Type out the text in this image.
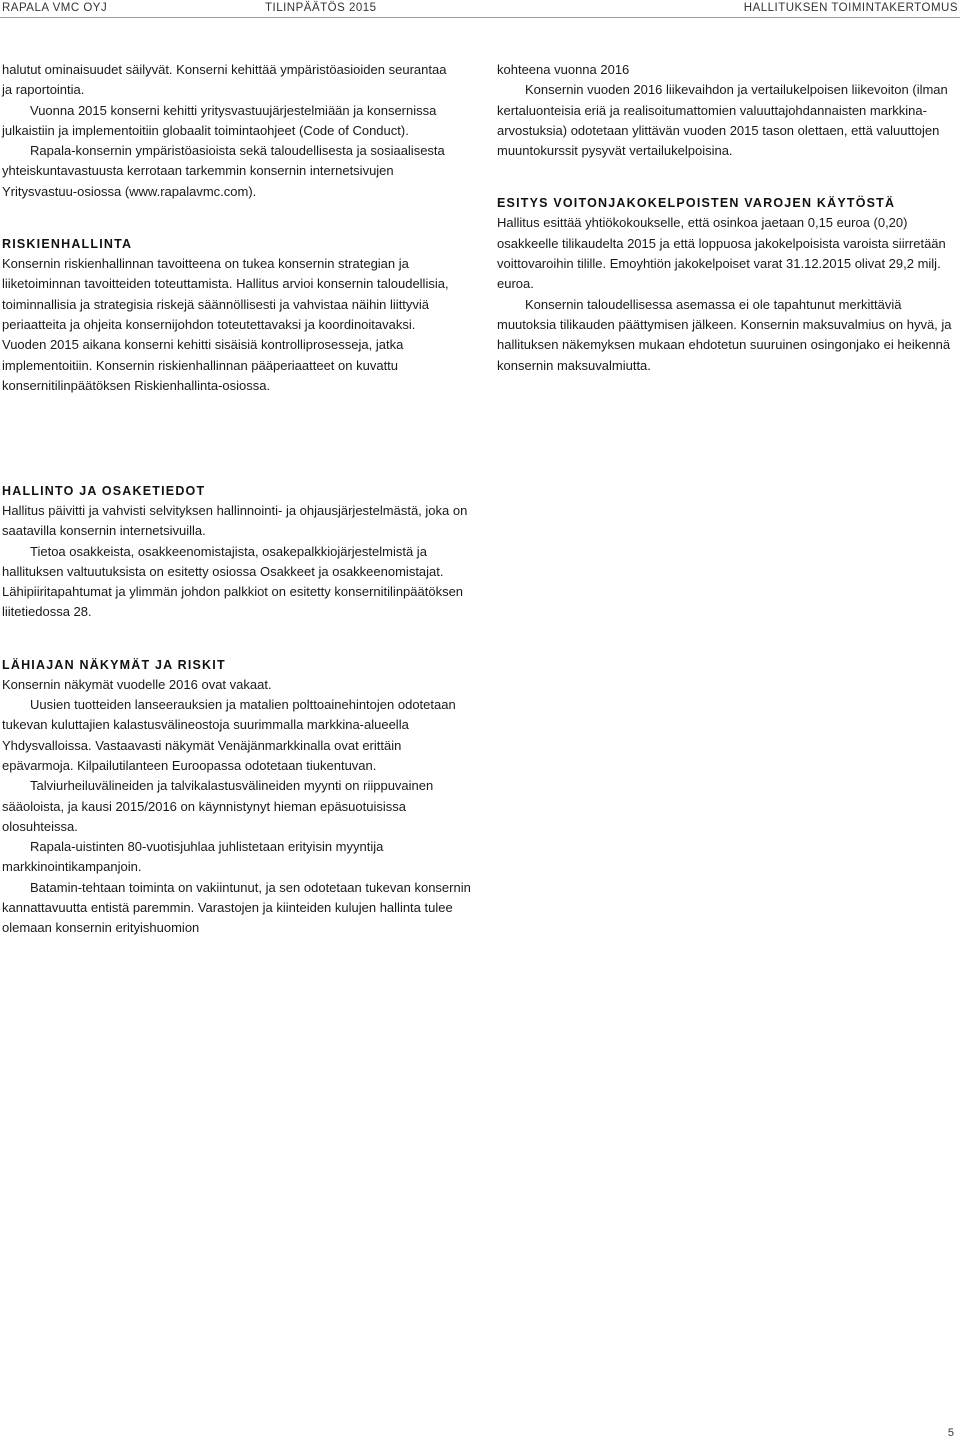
RAPALA VMC OYJ	TILINPÄÄTÖS 2015	HALLITUKSEN TOIMINTAKERTOMUS

halutut ominaisuudet säilyvät. Konserni kehittää ympäristöasioiden seurantaa ja raportointia.

Vuonna 2015 konserni kehitti yritysvastuujärjestelmiään ja konsernissa julkaistiin ja implementoitiin globaalit toimintaohjeet (Code of Conduct).

Rapala-konsernin ympäristöasioista sekä taloudellisesta ja sosiaalisesta yhteiskuntavastuusta kerrotaan tarkemmin konsernin internetsivujen Yritysvastuu-osiossa (www.rapalavmc.com).

RISKIENHALLINTA

Konsernin riskienhallinnan tavoitteena on tukea konsernin strategian ja liiketoiminnan tavoitteiden toteuttamista. Hallitus arvioi konsernin taloudellisia, toiminnallisia ja strategisia riskejä säännöllisesti ja vahvistaa näihin liittyviä periaatteita ja ohjeita konsernijohdon toteutettavaksi ja koordinoitavaksi. Vuoden 2015 aikana konserni kehitti sisäisiä kontrolliprosesseja, jatka implementoitiin. Konsernin riskienhallinnan pääperiaatteet on kuvattu konsernitilinpäätöksen Riskienhallinta-osiossa.

kohteena vuonna 2016

Konsernin vuoden 2016 liikevaihdon ja vertailukelpoisen liikevoiton (ilman kertaluonteisia eriä ja realisoitumattomien valuuttajohdannaisten markkina-arvostuksia) odotetaan ylittävän vuoden 2015 tason olettaen, että valuuttojen muuntokurssit pysyvät vertailukelpoisina.

ESITYS VOITONJAKOKELPOISTEN VAROJEN KÄYTÖSTÄ

Hallitus esittää yhtiökokoukselle, että osinkoa jaetaan 0,15 euroa (0,20) osakkeelle tilikaudelta 2015 ja että loppuosa jakokelpoisista varoista siirretään voittovaroihin tilille. Emoyhtiön jakokelpoiset varat 31.12.2015 olivat 29,2 milj. euroa.

Konsernin taloudellisessa asemassa ei ole tapahtunut merkittäviä muutoksia tilikauden päättymisen jälkeen. Konsernin maksuvalmius on hyvä, ja hallituksen näkemyksen mukaan ehdotetun suuruinen osingonjako ei heikennä konsernin maksuvalmiutta.

HALLINTO JA OSAKETIEDOT

Hallitus päivitti ja vahvisti selvityksen hallinnointi- ja ohjausjärjestelmästä, joka on saatavilla konsernin internetsivuilla.

Tietoa osakkeista, osakkeenomistajista, osakepalkkiojärjestelmistä ja hallituksen valtuutuksista on esitetty osiossa Osakkeet ja osakkeenomistajat. Lähipiiritapahtumat ja ylimmän johdon palkkiot on esitetty konsernitilinpäätöksen liitetiedossa 28.

LÄHIAJAN NÄKYMÄT JA RISKIT

Konsernin näkymät vuodelle 2016 ovat vakaat.

Uusien tuotteiden lanseerauksien ja matalien polttoainehintojen odotetaan tukevan kuluttajien kalastusvälineostoja suurimmalla markkina-alueella Yhdysvalloissa. Vastaavasti näkymät Venäjänmarkkinalla ovat erittäin epävarmoja. Kilpailutilanteen Euroopassa odotetaan tiukentuvan.

Talviurheiluvälineiden ja talvikalastusvälineiden myynti on riippuvainen sääoloista, ja kausi 2015/2016 on käynnistynyt hieman epäsuotuisissa olosuhteissa.

Rapala-uistinten 80-vuotisjuhlaa juhlistetaan erityisin myyntija markkinointikampanjoin.

Batamin-tehtaan toiminta on vakiintunut, ja sen odotetaan tukevan konsernin kannattavuutta entistä paremmin. Varastojen ja kiinteiden kulujen hallinta tulee olemaan konsernin erityishuomion

5
